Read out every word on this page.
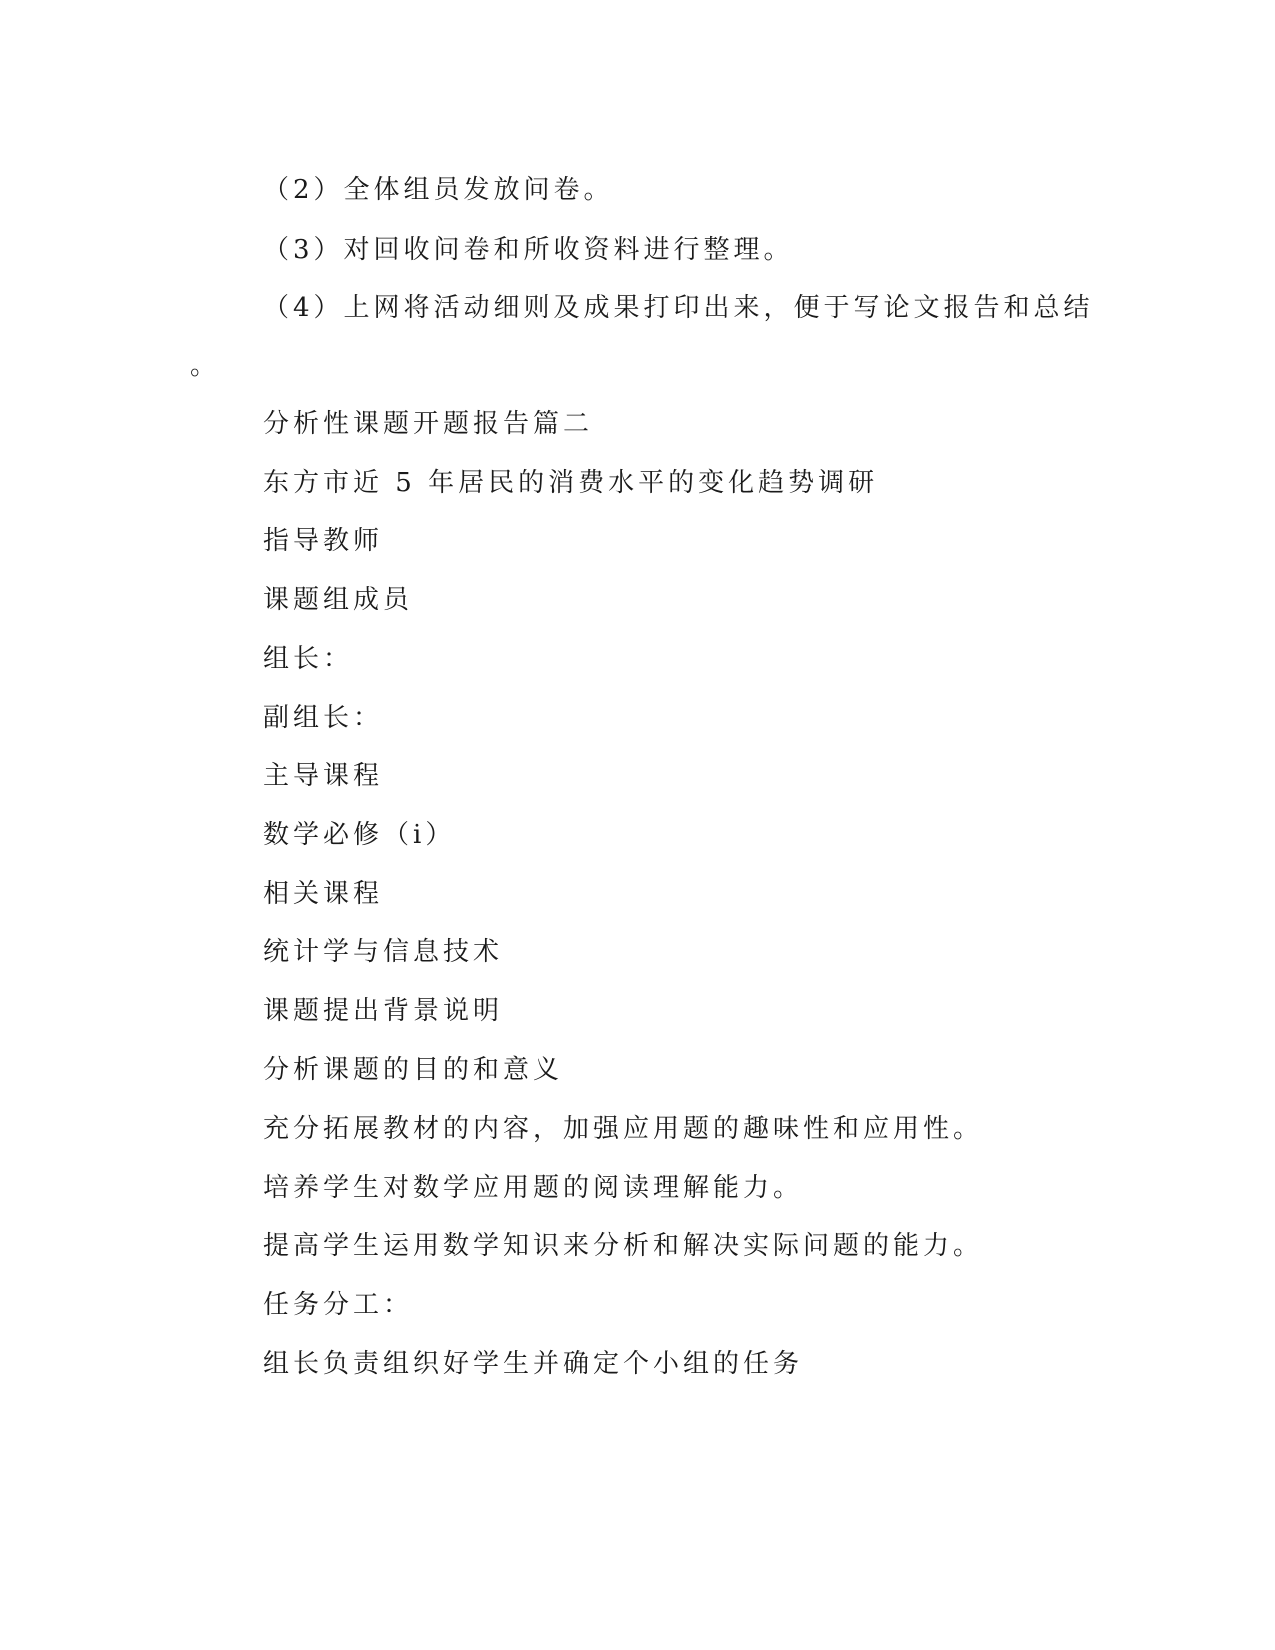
（2）全体组员发放问卷。
（3）对回收问卷和所收资料进行整理。
（4）上网将活动细则及成果打印出来，便于写论文报告和总结
。
分析性课题开题报告篇二
东方市近 5 年居民的消费水平的变化趋势调研
指导教师
课题组成员
组长：
副组长：
主导课程
数学必修（i）
相关课程
统计学与信息技术
课题提出背景说明
分析课题的目的和意义
充分拓展教材的内容，加强应用题的趣味性和应用性。
培养学生对数学应用题的阅读理解能力。
提高学生运用数学知识来分析和解决实际问题的能力。
任务分工：
组长负责组织好学生并确定个小组的任务
